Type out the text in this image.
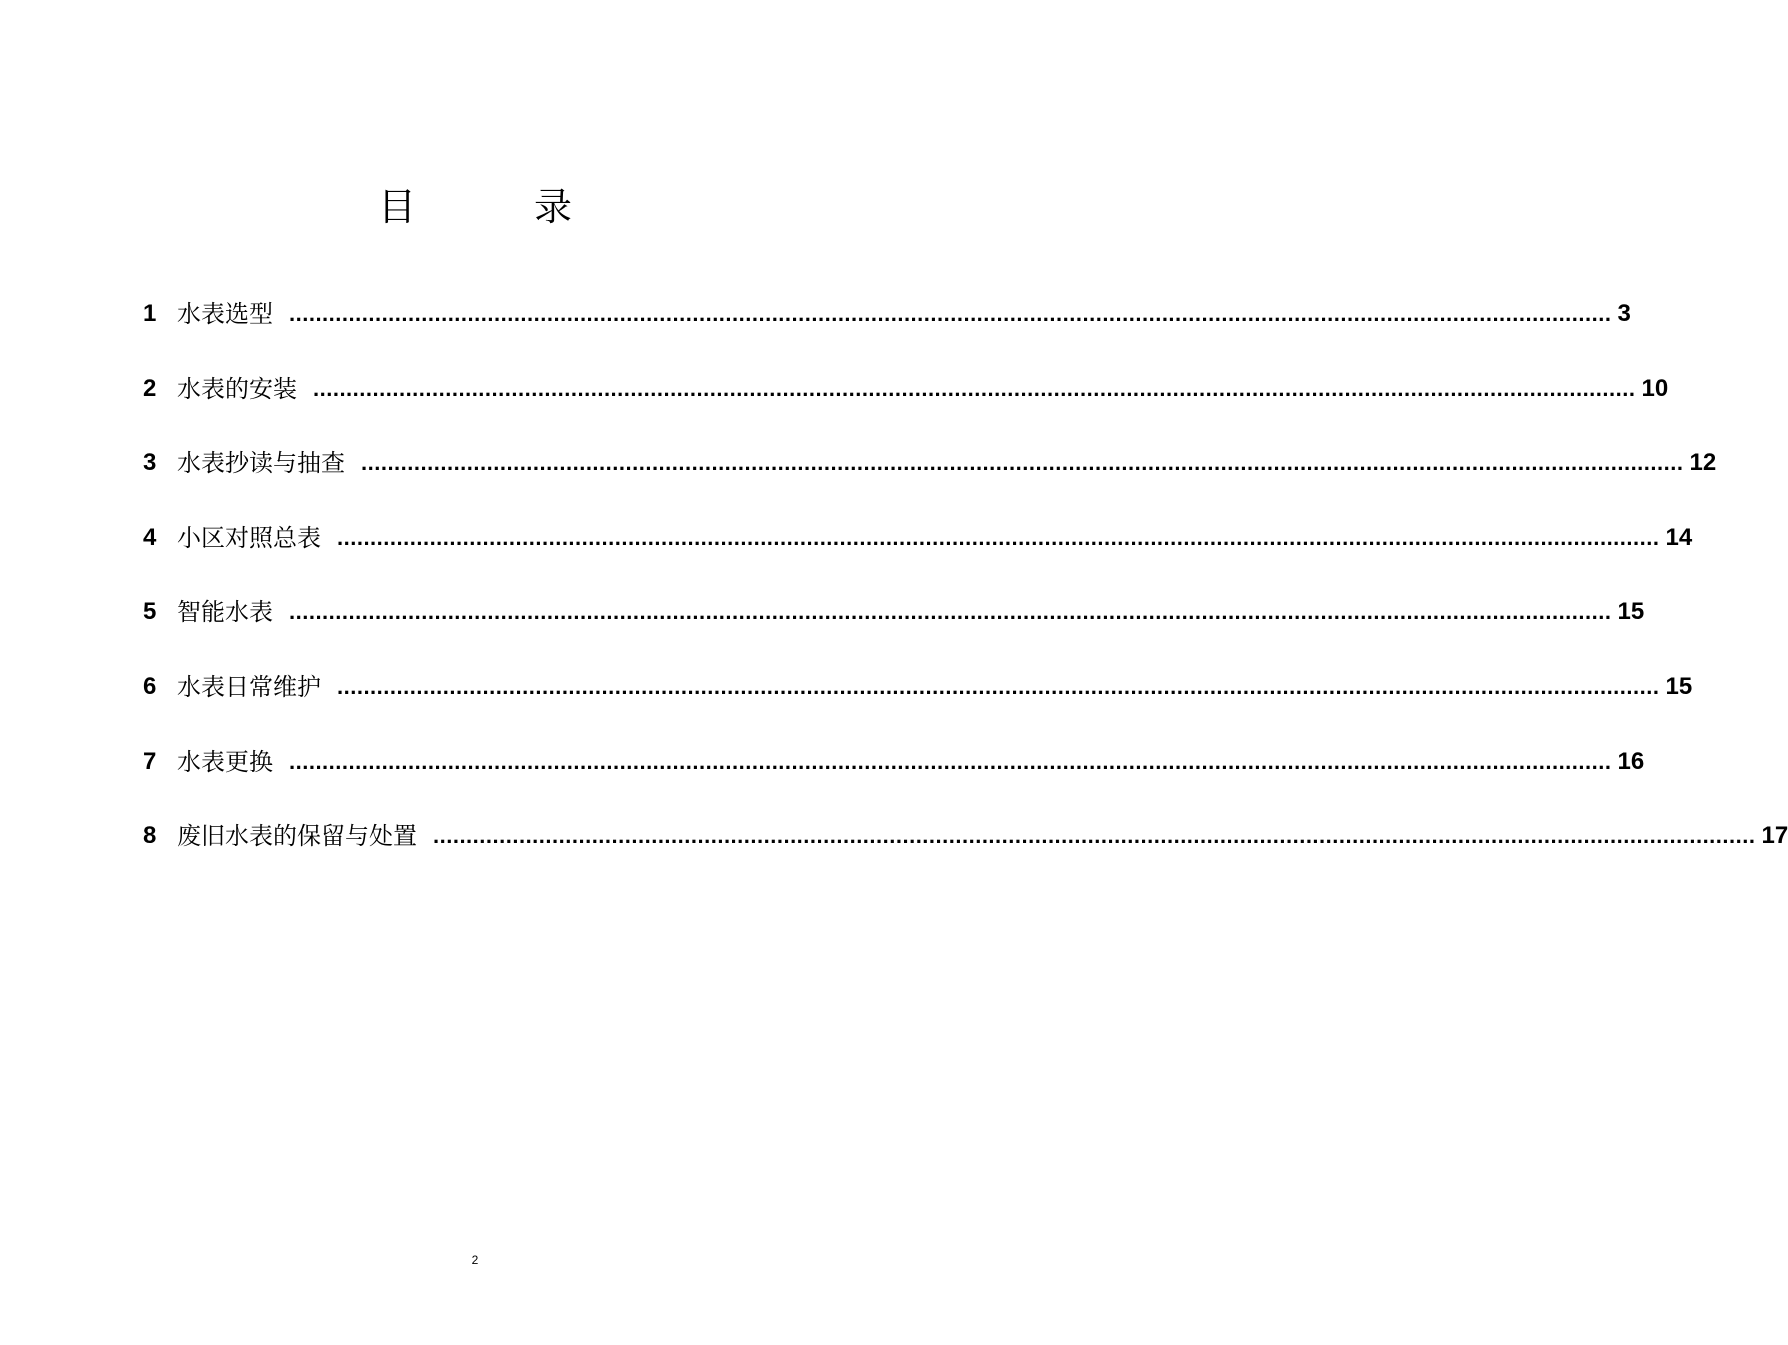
目　录
1 水表选型 ........................................................................................................................................................................................................ 3
2 水表的安装 ........................................................................................................................................................................................................ 10
3 水表抄读与抽查 ........................................................................................................................................................................................................ 12
4 小区对照总表 ........................................................................................................................................................................................................ 14
5 智能水表 ........................................................................................................................................................................................................ 15
6 水表日常维护 ........................................................................................................................................................................................................ 15
7 水表更换 ........................................................................................................................................................................................................ 16
8 废旧水表的保留与处置 ........................................................................................................................................................................................................ 17
2
